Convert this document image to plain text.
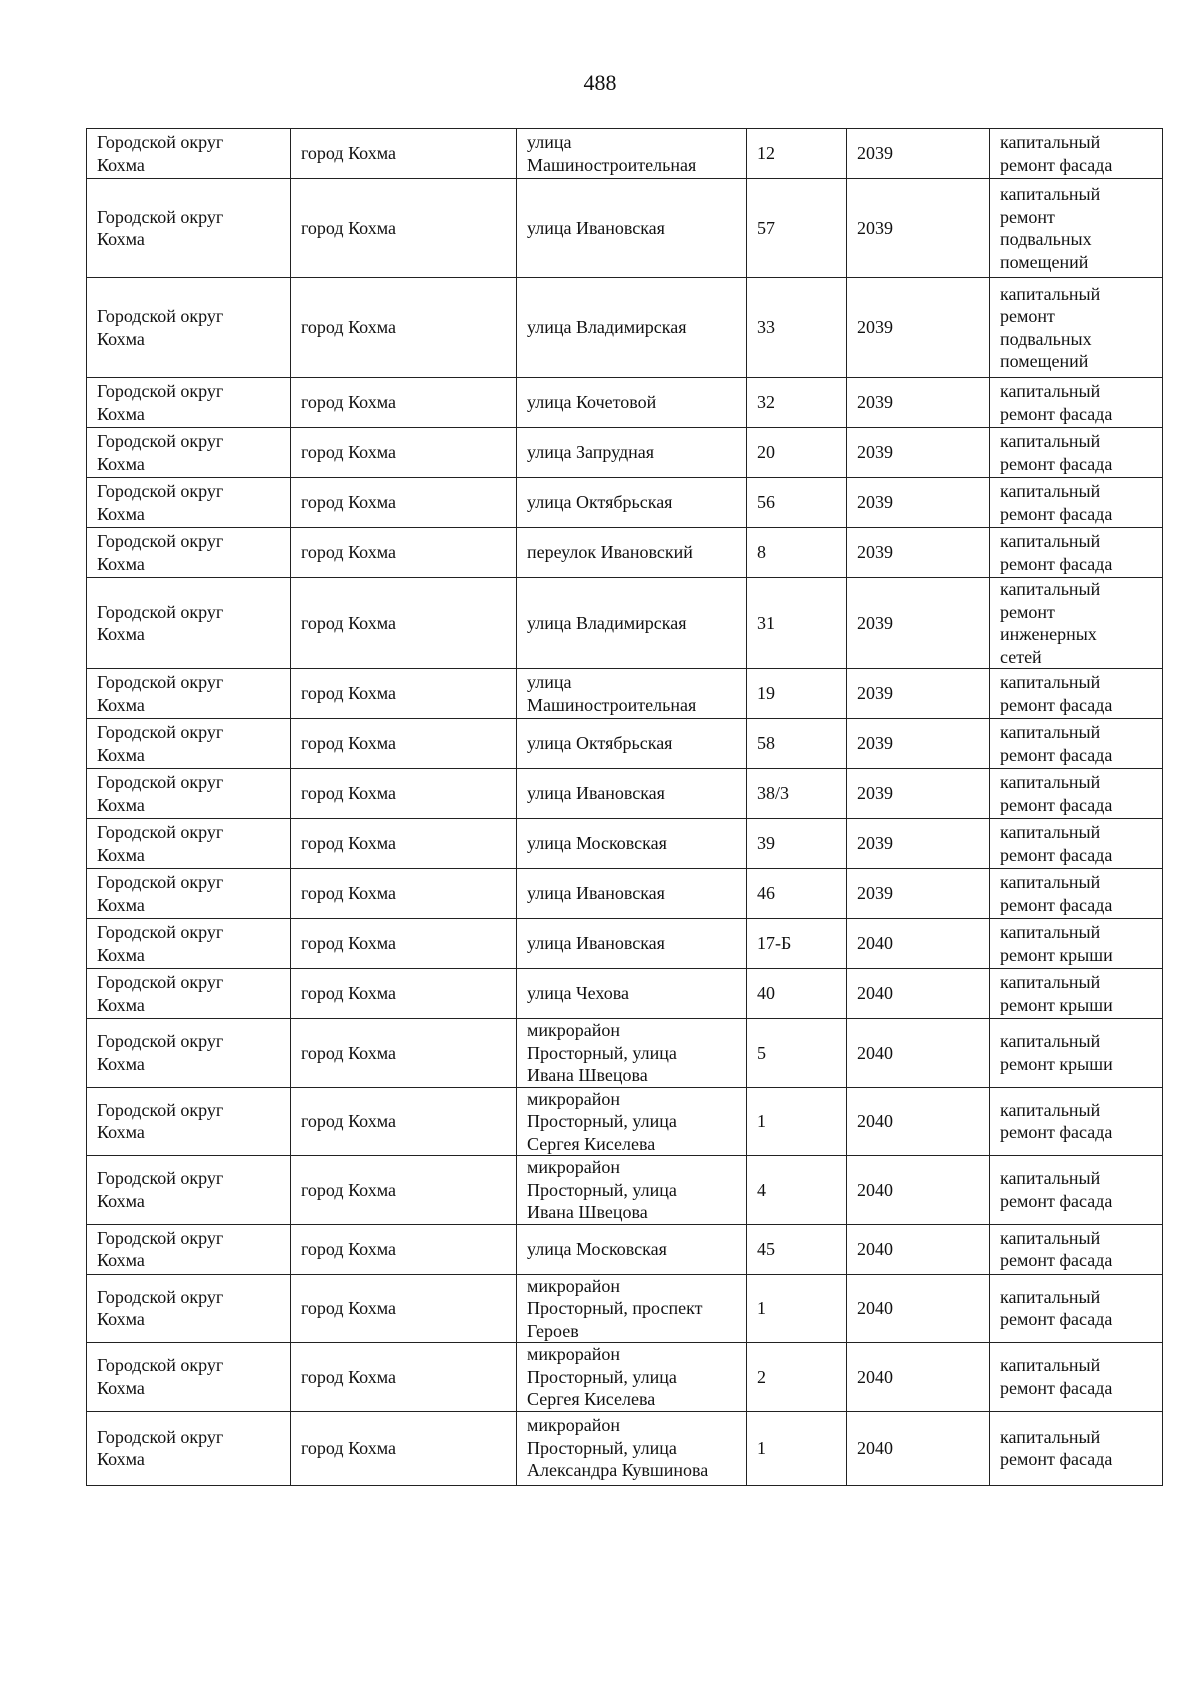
488
Городской округ
Кохма	город Кохма	улица
Машиностроительная	12	2039	капитальный
ремонт фасада
Городской округ
Кохма	город Кохма	улица Ивановская	57	2039	капитальный
ремонт
подвальных
помещений
Городской округ
Кохма	город Кохма	улица Владимирская	33	2039	капитальный
ремонт
подвальных
помещений
Городской округ
Кохма	город Кохма	улица Кочетовой	32	2039	капитальный
ремонт фасада
Городской округ
Кохма	город Кохма	улица Запрудная	20	2039	капитальный
ремонт фасада
Городской округ
Кохма	город Кохма	улица Октябрьская	56	2039	капитальный
ремонт фасада
Городской округ
Кохма	город Кохма	переулок Ивановский	8	2039	капитальный
ремонт фасада
Городской округ
Кохма	город Кохма	улица Владимирская	31	2039	капитальный
ремонт
инженерных
сетей
Городской округ
Кохма	город Кохма	улица
Машиностроительная	19	2039	капитальный
ремонт фасада
Городской округ
Кохма	город Кохма	улица Октябрьская	58	2039	капитальный
ремонт фасада
Городской округ
Кохма	город Кохма	улица Ивановская	38/3	2039	капитальный
ремонт фасада
Городской округ
Кохма	город Кохма	улица Московская	39	2039	капитальный
ремонт фасада
Городской округ
Кохма	город Кохма	улица Ивановская	46	2039	капитальный
ремонт фасада
Городской округ
Кохма	город Кохма	улица Ивановская	17-Б	2040	капитальный
ремонт крыши
Городской округ
Кохма	город Кохма	улица Чехова	40	2040	капитальный
ремонт крыши
Городской округ
Кохма	город Кохма	микрорайон
Просторный, улица
Ивана Швецова	5	2040	капитальный
ремонт крыши
Городской округ
Кохма	город Кохма	микрорайон
Просторный, улица
Сергея Киселева	1	2040	капитальный
ремонт фасада
Городской округ
Кохма	город Кохма	микрорайон
Просторный, улица
Ивана Швецова	4	2040	капитальный
ремонт фасада
Городской округ
Кохма	город Кохма	улица Московская	45	2040	капитальный
ремонт фасада
Городской округ
Кохма	город Кохма	микрорайон
Просторный, проспект
Героев	1	2040	капитальный
ремонт фасада
Городской округ
Кохма	город Кохма	микрорайон
Просторный, улица
Сергея Киселева	2	2040	капитальный
ремонт фасада
Городской округ
Кохма	город Кохма	микрорайон
Просторный, улица
Александра Кувшинова	1	2040	капитальный
ремонт фасада
